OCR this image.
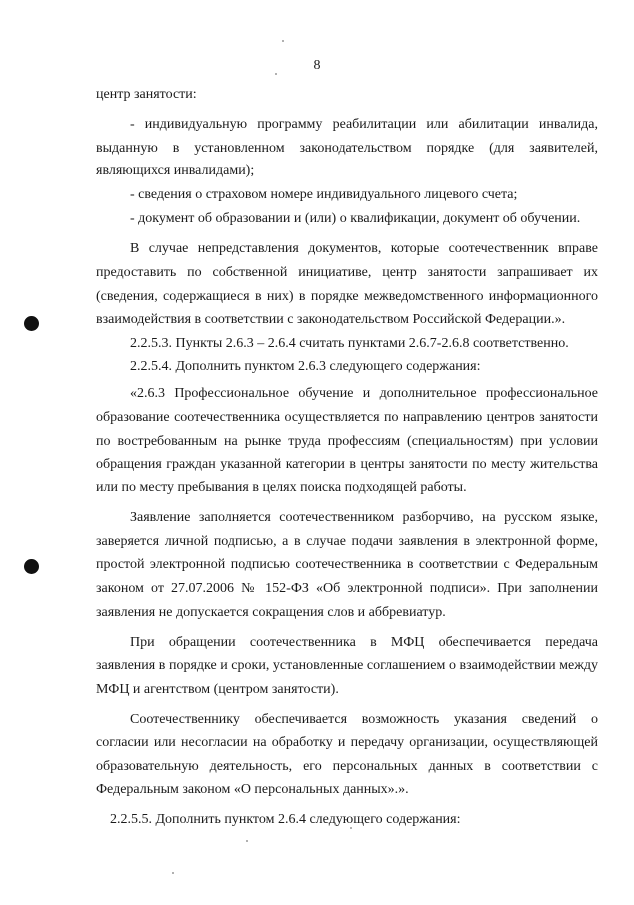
8
центр занятости:
- индивидуальную программу реабилитации или абилитации инвалида,
выданную в установленном законодательством порядке (для заявителей,
являющихся инвалидами);
- сведения о страховом номере индивидуального лицевого счета;
- документ об образовании и (или) о квалификации, документ об обучении.
В случае непредставления документов, которые соотечественник вправе
предоставить по собственной инициативе, центр занятости запрашивает их
(сведения, содержащиеся в них) в порядке межведомственного информационного
взаимодействия в соответствии с законодательством Российской Федерации.».
2.2.5.3. Пункты 2.6.3 – 2.6.4 считать пунктами 2.6.7-2.6.8 соответственно.
2.2.5.4. Дополнить пунктом 2.6.3 следующего содержания:
«2.6.3 Профессиональное обучение и дополнительное профессиональное
образование соотечественника осуществляется по направлению центров занятости
по востребованным на рынке труда профессиям (специальностям) при условии
обращения граждан указанной категории в центры занятости по месту жительства
или по месту пребывания в целях поиска подходящей работы.
Заявление заполняется соотечественником разборчиво, на русском языке,
заверяется личной подписью, а в случае подачи заявления в электронной форме,
простой электронной подписью соотечественника в соответствии с Федеральным
законом от 27.07.2006 № 152-ФЗ «Об электронной подписи». При заполнении
заявления не допускается сокращения слов и аббревиатур.
При обращении соотечественника в МФЦ обеспечивается передача
заявления в порядке и сроки, установленные соглашением о взаимодействии между
МФЦ и агентством (центром занятости).
Соотечественнику обеспечивается возможность указания сведений о
согласии или несогласии на обработку и передачу организации, осуществляющей
образовательную деятельность, его персональных данных в соответствии с
Федеральным законом «О персональных данных».».
2.2.5.5. Дополнить пунктом 2.6.4 следующего содержания:
